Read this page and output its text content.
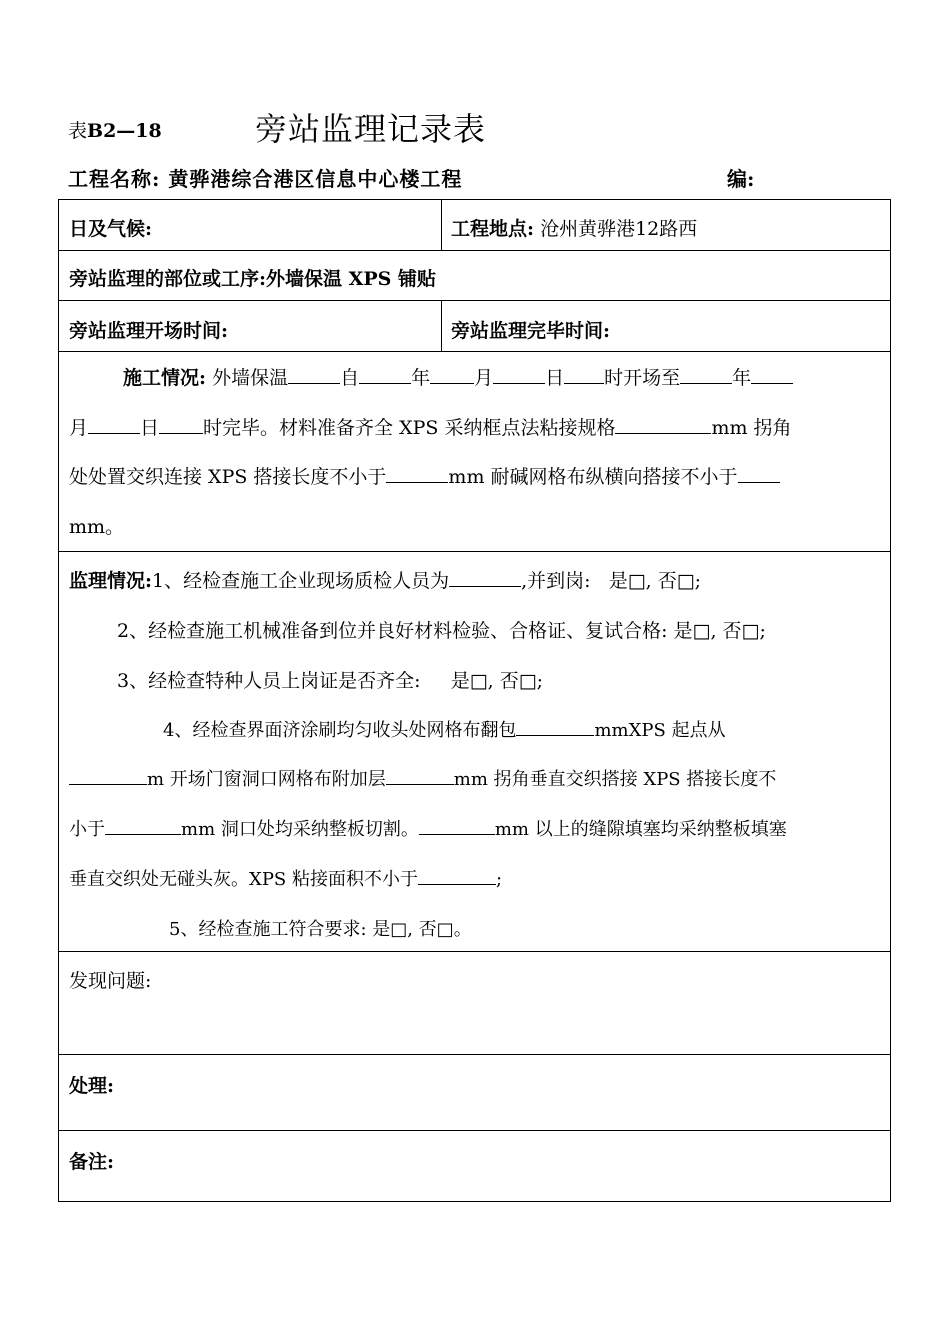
表B2—18	旁站监理记录表
工程名称: 黄骅港综合港区信息中心楼工程	编:
日及气候:	工程地点: 沧州黄骅港12路西
旁站监理的部位或工序:外墙保温 XPS 铺贴
旁站监理开场时间:	旁站监理完毕时间:
施工情况: 外墙保温	自	年 月	日 时开场至	年
月	日 时完毕。材料准备齐全 XPS 采纳框点法粘接规格	mm 拐角
处处置交织连接 XPS 搭接长度不小于	mm 耐碱网格布纵横向搭接不小于
mm。
监理情况:1、经检查施工企业现场质检人员为	,并到岗: 是□, 否□;
2、经检查施工机械准备到位并良好材料检验、合格证、复试合格: 是□, 否□;
3、经检查特种人员上岗证是否齐全: 是□, 否□;
4、经检查界面济涂刷均匀收头处网格布翻包	mmXPS 起点从
m 开场门窗洞口网格布附加层	mm 拐角垂直交织搭接 XPS 搭接长度不
小于	mm 洞口处均采纳整板切割。	mm 以上的缝隙填塞均采纳整板填塞
垂直交织处无碰头灰。XPS 粘接面积不小于	;
5、经检查施工符合要求: 是□, 否□。
发现问题:
处理:
备注:
